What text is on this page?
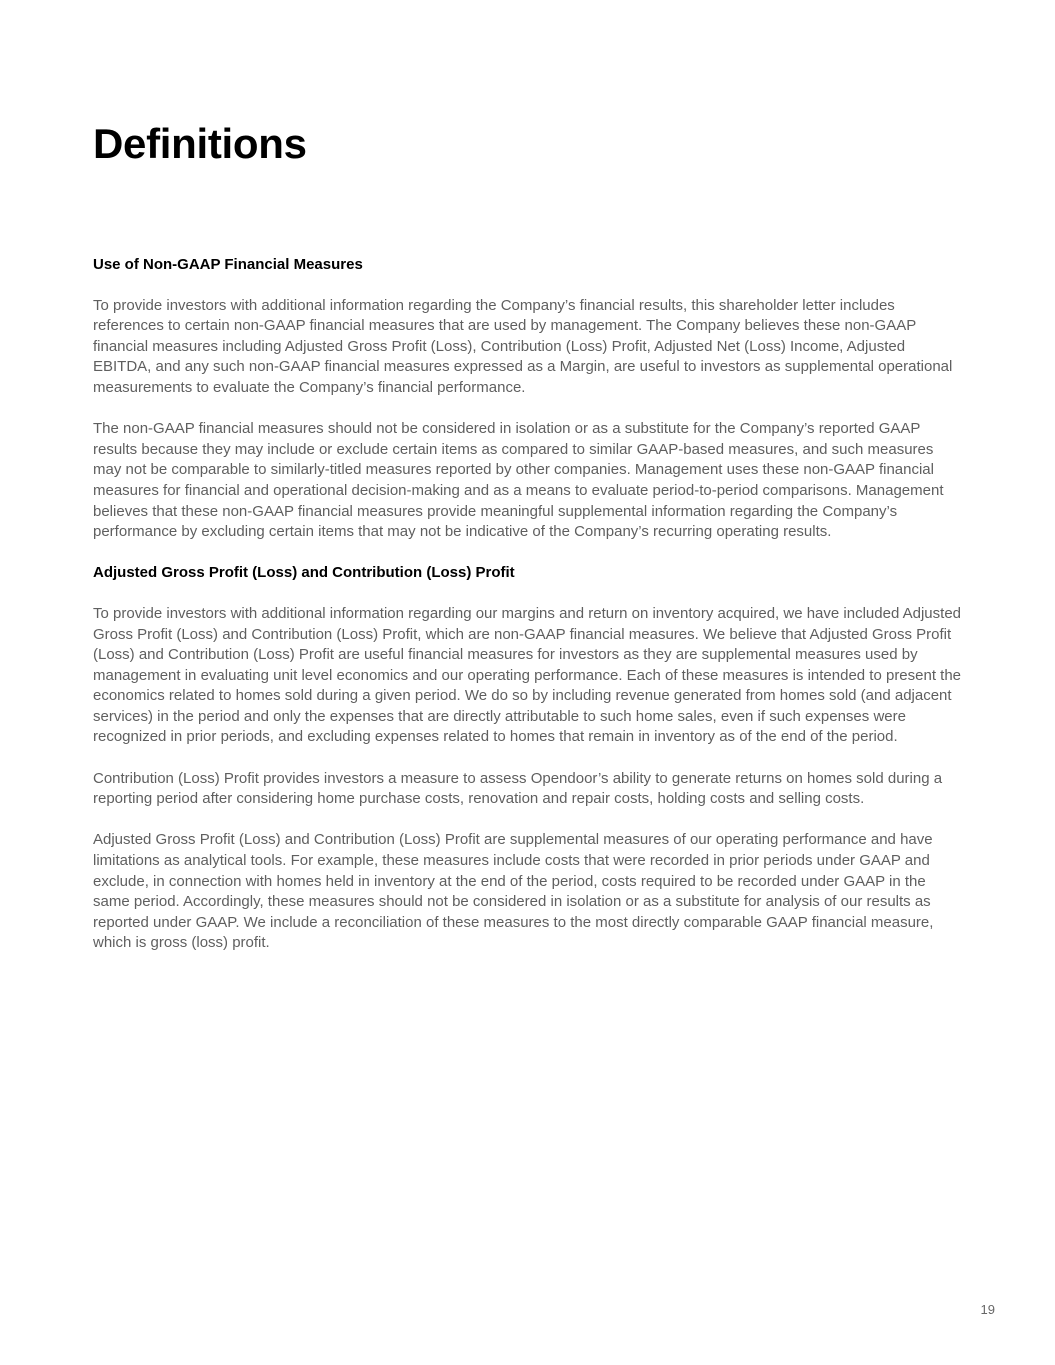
Definitions
Use of Non-GAAP Financial Measures

To provide investors with additional information regarding the Company’s financial results, this shareholder letter includes references to certain non-GAAP financial measures that are used by management. The Company believes these non-GAAP financial measures including Adjusted Gross Profit (Loss), Contribution (Loss) Profit, Adjusted Net (Loss) Income, Adjusted EBITDA, and any such non-GAAP financial measures expressed as a Margin, are useful to investors as supplemental operational measurements to evaluate the Company’s financial performance.

The non-GAAP financial measures should not be considered in isolation or as a substitute for the Company’s reported GAAP results because they may include or exclude certain items as compared to similar GAAP-based measures, and such measures may not be comparable to similarly-titled measures reported by other companies. Management uses these non-GAAP financial measures for financial and operational decision-making and as a means to evaluate period-to-period comparisons. Management believes that these non-GAAP financial measures provide meaningful supplemental information regarding the Company’s performance by excluding certain items that may not be indicative of the Company’s recurring operating results.

Adjusted Gross Profit (Loss) and Contribution (Loss) Profit

To provide investors with additional information regarding our margins and return on inventory acquired, we have included Adjusted Gross Profit (Loss) and Contribution (Loss) Profit, which are non-GAAP financial measures. We believe that Adjusted Gross Profit (Loss) and Contribution (Loss) Profit are useful financial measures for investors as they are supplemental measures used by management in evaluating unit level economics and our operating performance. Each of these measures is intended to present the economics related to homes sold during a given period. We do so by including revenue generated from homes sold (and adjacent services) in the period and only the expenses that are directly attributable to such home sales, even if such expenses were recognized in prior periods, and excluding expenses related to homes that remain in inventory as of the end of the period.

Contribution (Loss) Profit provides investors a measure to assess Opendoor’s ability to generate returns on homes sold during a reporting period after considering home purchase costs, renovation and repair costs, holding costs and selling costs.

Adjusted Gross Profit (Loss) and Contribution (Loss) Profit are supplemental measures of our operating performance and have limitations as analytical tools. For example, these measures include costs that were recorded in prior periods under GAAP and exclude, in connection with homes held in inventory at the end of the period, costs required to be recorded under GAAP in the same period. Accordingly, these measures should not be considered in isolation or as a substitute for analysis of our results as reported under GAAP. We include a reconciliation of these measures to the most directly comparable GAAP financial measure, which is gross (loss) profit.

19
